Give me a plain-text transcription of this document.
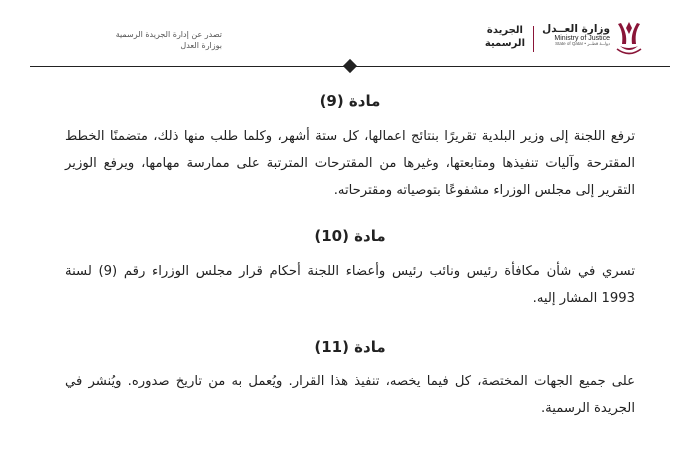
وزارة العــدل
Ministry of Justice
State of Qatar • دولــة قطــر
الجريدة
الرسمية
تصدر عن إدارة الجريدة الرسمية
بوزارة العدل
مادة (9)

ترفع اللجنة إلى وزير البلدية تقريرًا بنتائج اعمالها، كل ستة أشهر، وكلما طلب منها ذلك، متضمنًا الخطط المقترحة وآليات تنفيذها ومتابعتها، وغيرها من المقترحات المترتبة على ممارسة مهامها، ويرفع الوزير التقرير إلى مجلس الوزراء مشفوعًا بتوصياته ومقترحاته.

مادة (10)

تسري في شأن مكافأة رئيس ونائب رئيس وأعضاء اللجنة أحكام قرار مجلس الوزراء رقم (9) لسنة 1993 المشار إليه.

مادة (11)

على جميع الجهات المختصة، كل فيما يخصه، تنفيذ هذا القرار. ويُعمل به من تاريخ صدوره. ويُنشر في الجريدة الرسمية.
